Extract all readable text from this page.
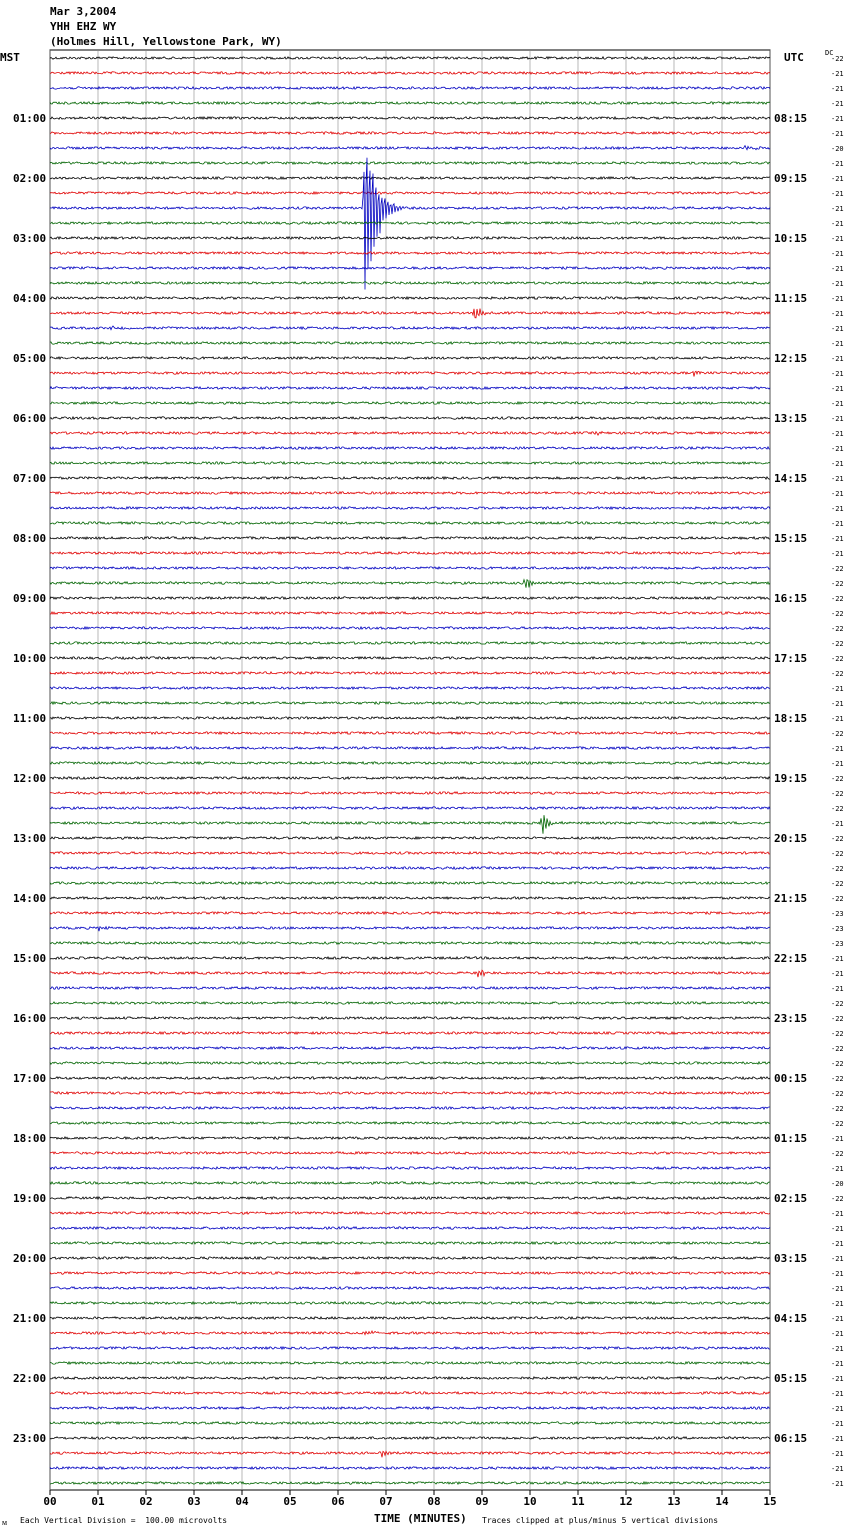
Mar 3,2004
YHH EHZ WY
(Holmes Hill, Yellowstone Park, WY)
00	01	02	03	04	05	06	07	08	09	10	11	12	13	14	15
MST	UTC
01:00
02:00
03:00
04:00
05:00
06:00
07:00
08:00
09:00
10:00
11:00
12:00
13:00
14:00
15:00
16:00
17:00
18:00
19:00
20:00
21:00
22:00
23:00
08:15
09:15
10:15
11:15
12:15
13:15
14:15
15:15
16:15
17:15
18:15
19:15
20:15
21:15
22:15
23:15
00:15
01:15
02:15
03:15
04:15
05:15
06:15
DC
-22
-21
-21
-21
-21
-21
-20
-21
-21
-21
-21
-21
-21
-21
-21
-21
-21
-21
-21
-21
-21
-21
-21
-21
-21
-21
-21
-21
-21
-21
-21
-21
-21
-21
-22
-22
-22
-22
-22
-22
-22
-22
-21
-21
-21
-22
-21
-21
-22
-22
-22
-21
-22
-22
-22
-22
-22
-23
-23
-23
-21
-21
-21
-22
-22
-22
-22
-22
-22
-22
-22
-22
-21
-22
-21
-20
-22
-21
-21
-21
-21
-21
-21
-21
-21
-21
-21
-21
-21
-21
-21
-21
-21
-21
-21
-21
TIME (MINUTES)
Each Vertical Division =  100.00 microvolts	Traces clipped at plus/minus 5 vertical divisions
ᴍ
